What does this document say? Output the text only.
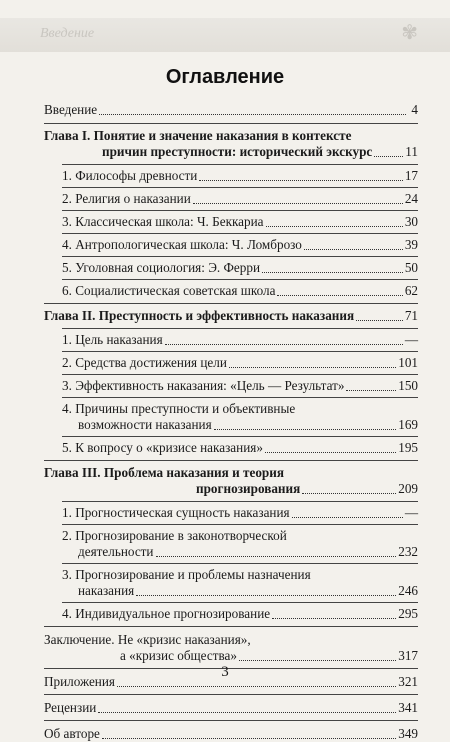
Введение	✾
Оглавление
Введение	4
Глава I. Понятие и значение наказания в контексте
причин преступности: исторический экскурс	11
1. Философы древности	17
2. Религия о наказании	24
3. Классическая школа: Ч. Беккариа	30
4. Антропологическая школа: Ч. Ломброзо	39
5. Уголовная социология: Э. Ферри	50
6. Социалистическая советская школа	62
Глава II. Преступность и эффективность наказания	71
1. Цель наказания	—
2. Средства достижения цели	101
3. Эффективность наказания: «Цель — Результат»	150
4. Причины преступности и объективные
возможности наказания	169
5. К вопросу о «кризисе наказания»	195
Глава III. Проблема наказания и теория
прогнозирования	209
1. Прогностическая сущность наказания	—
2. Прогнозирование в законотворческой
деятельности	232
3. Прогнозирование и проблемы назначения
наказания	246
4. Индивидуальное прогнозирование	295
Заключение. Не «кризис наказания»,
а «кризис общества»	317
Приложения	321
Рецензии	341
Об авторе	349
3
